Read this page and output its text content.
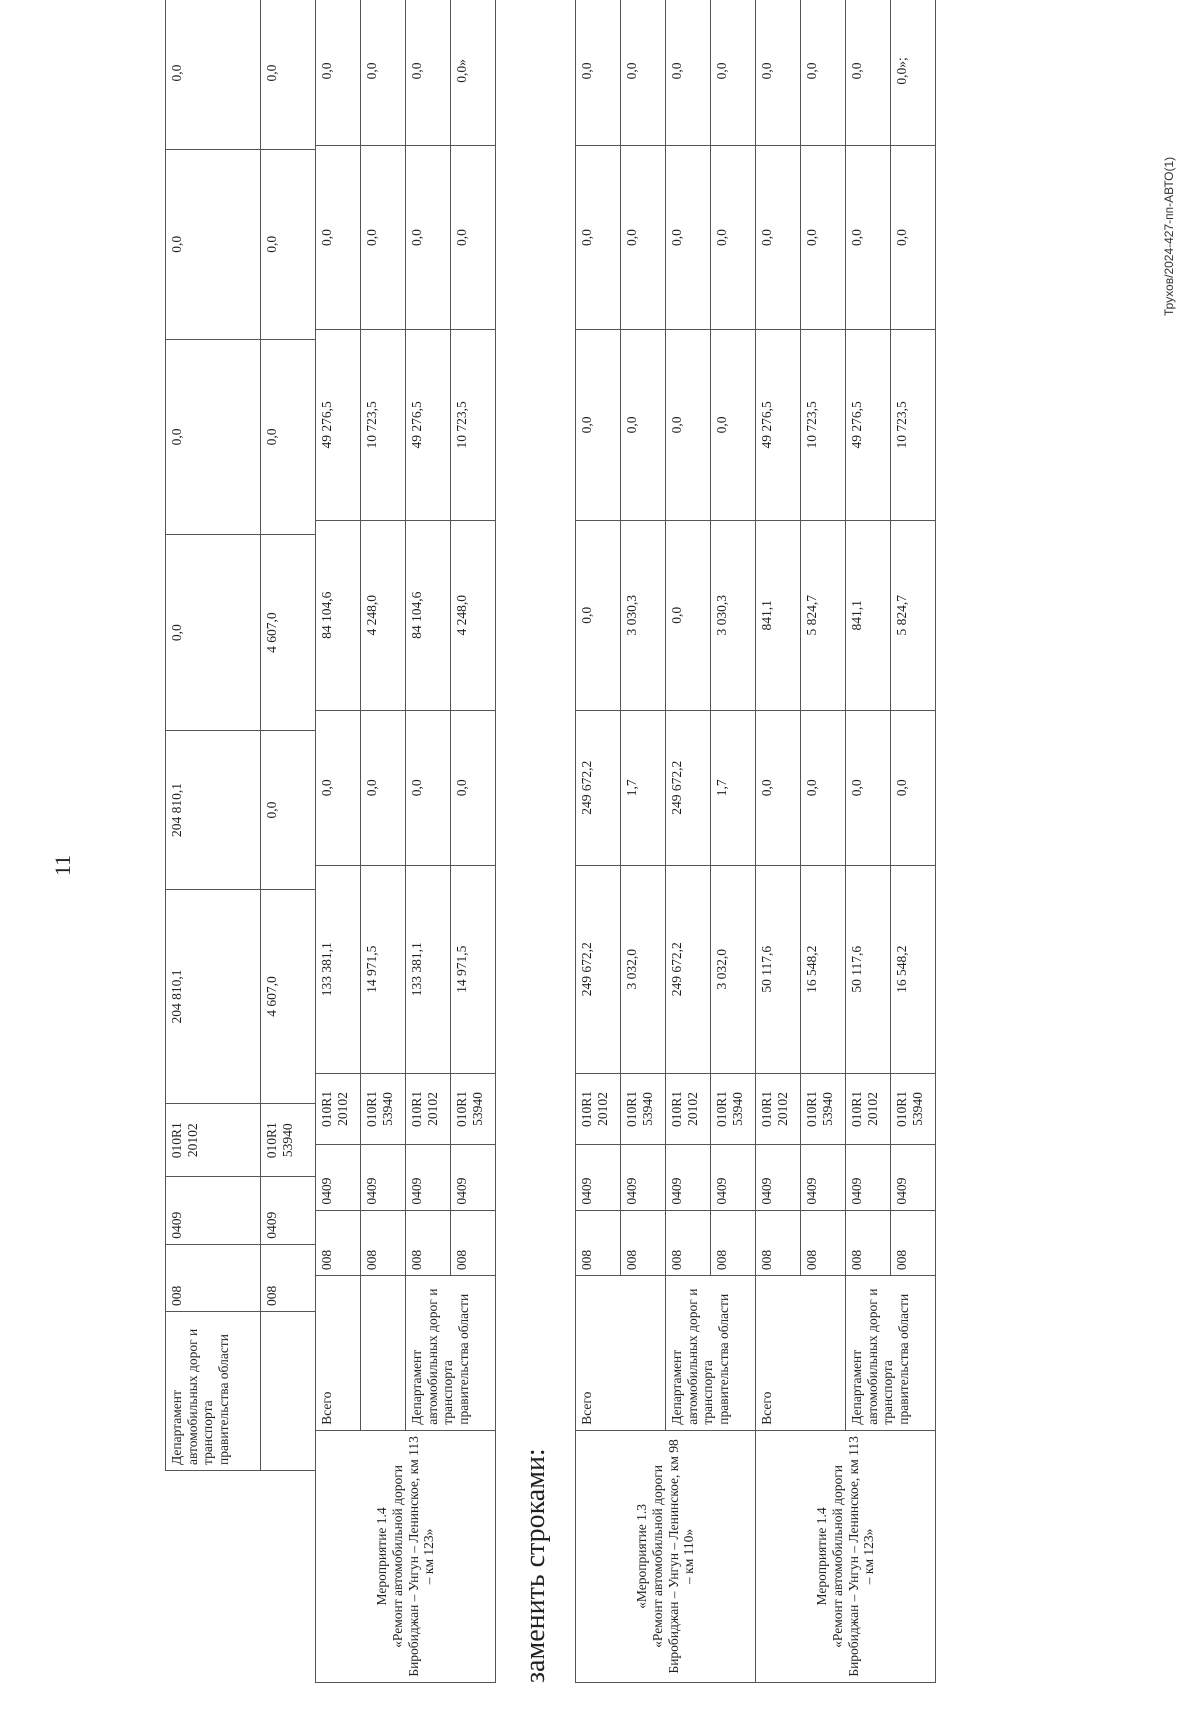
11
Департамент автомобильных дорог и транспорта правительства области	008	0409	010R1 20102	204 810,1	204 810,1	0,0	0,0	0,0	0,0
	008	0409	010R1 53940	4 607,0	0,0	4 607,0	0,0	0,0	0,0
Мероприятие 1.4
«Ремонт автомобильной дороги Биробиджан – Унгун – Ленинское, км 113 – км 123»	Всего	008	0409	010R1 20102	133 381,1	0,0	84 104,6	49 276,5	0,0	0,0
		008	0409	010R1 53940	14 971,5	0,0	4 248,0	10 723,5	0,0	0,0
	Департамент автомобильных дорог и транспорта правительства области	008	0409	010R1 20102	133 381,1	0,0	84 104,6	49 276,5	0,0	0,0
		008	0409	010R1 53940	14 971,5	0,0	4 248,0	10 723,5	0,0	0,0»
заменить строками:	«Мероприятие 1.3
«Ремонт автомобильной дороги Биробиджан – Унгун – Ленинское, км 98 – км 110»	Всего	008	0409	010R1 20102	249 672,2	249 672,2	0,0	0,0	0,0	0,0
		008	0409	010R1 53940	3 032,0	1,7	3 030,3	0,0	0,0	0,0
	Департамент автомобильных дорог и транспорта правительства области	008	0409	010R1 20102	249 672,2	249 672,2	0,0	0,0	0,0	0,0
		008	0409	010R1 53940	3 032,0	1,7	3 030,3	0,0	0,0	0,0
Мероприятие 1.4
«Ремонт автомобильной дороги Биробиджан – Унгун – Ленинское, км 113 – км 123»	Всего	008	0409	010R1 20102	50 117,6	0,0	841,1	49 276,5	0,0	0,0
		008	0409	010R1 53940	16 548,2	0,0	5 824,7	10 723,5	0,0	0,0
	Департамент автомобильных дорог и транспорта правительства области	008	0409	010R1 20102	50 117,6	0,0	841,1	49 276,5	0,0	0,0
		008	0409	010R1 53940	16 548,2	0,0	5 824,7	10 723,5	0,0	0,0»;
Трухов/2024-427-пп-АВТО(1)
